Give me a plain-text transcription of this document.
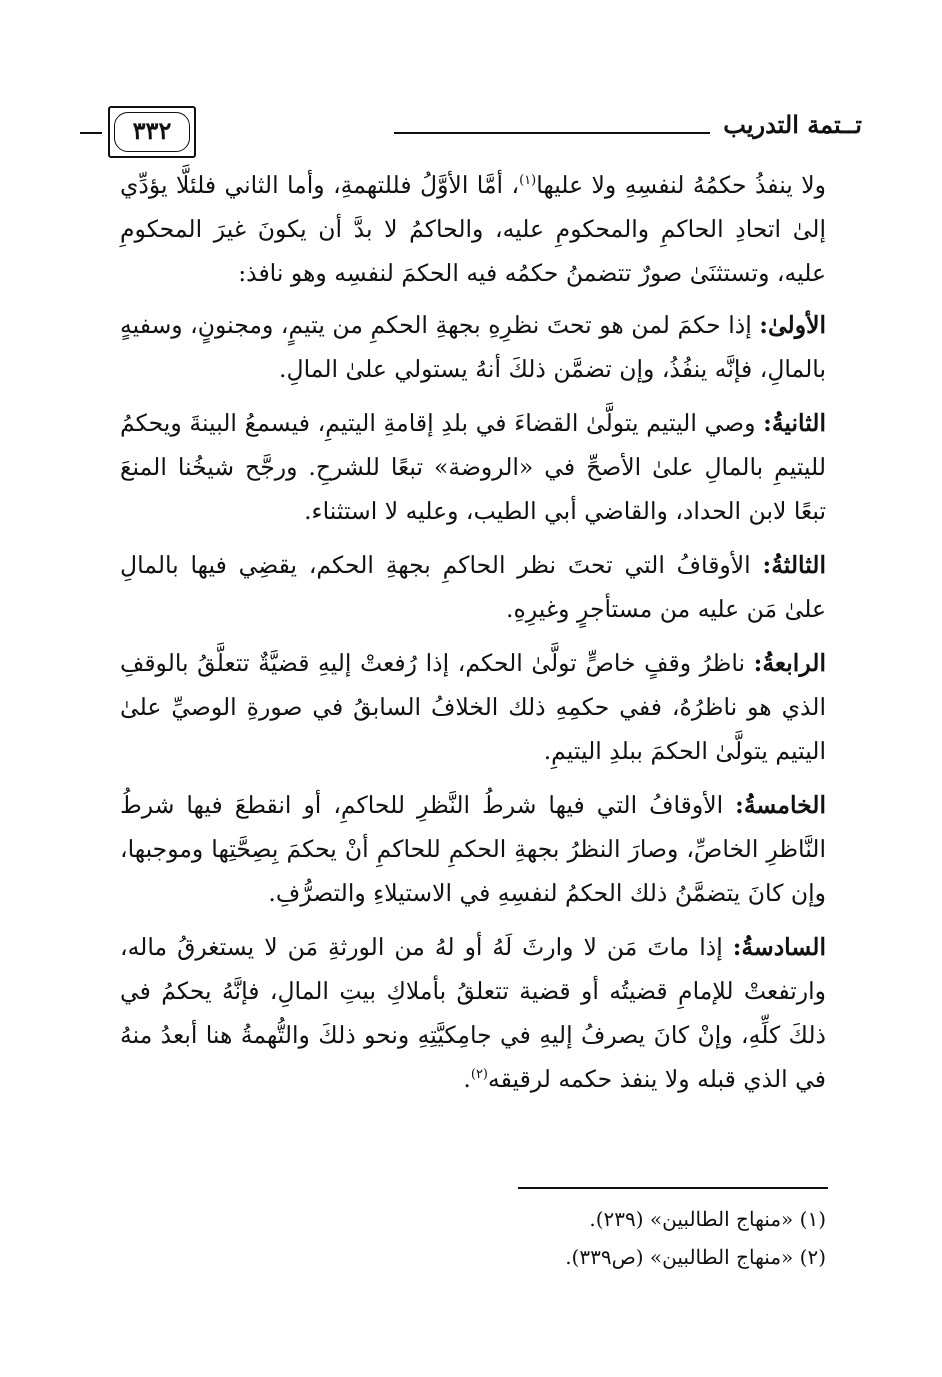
تــتمة التدريب
٣٣٢

ولا ينفذُ حكمُهُ لنفسِهِ ولا عليها$^{(١)}$، أمَّا الأوَّلُ فللتهمةِ، وأما الثاني فلئلَّا يؤدِّي إلىٰ اتحادِ الحاكمِ والمحكومِ عليه، والحاكمُ لا بدَّ أن يكونَ غيرَ المحكومِ عليه، وتستثنَىٰ صورٌ تتضمنُ حكمُه فيه الحكمَ لنفسِه وهو نافذ:

الأولىٰ: إذا حكمَ لمن هو تحتَ نظرِهِ بجهةِ الحكمِ من يتيمٍ، ومجنونٍ، وسفيهٍ بالمالِ، فإنَّه ينفُذُ، وإن تضمَّن ذلكَ أنهُ يستولي علىٰ المالِ.

الثانيةُ: وصي اليتيم يتولَّىٰ القضاءَ في بلدِ إقامةِ اليتيمِ، فيسمعُ البينةَ ويحكمُ لليتيمِ بالمالِ علىٰ الأصحِّ في «الروضة» تبعًا للشرحِ. ورجَّح شيخُنا المنعَ تبعًا لابن الحداد، والقاضي أبي الطيب، وعليه لا استثناء.

الثالثةُ: الأوقافُ التي تحتَ نظر الحاكمِ بجهةِ الحكم، يقضِي فيها بالمالِ علىٰ مَن عليه من مستأجرٍ وغيرِهِ.

الرابعةُ: ناظرُ وقفٍ خاصٍّ تولَّىٰ الحكم، إذا رُفعتْ إليهِ قضيَّةٌ تتعلَّقُ بالوقفِ الذي هو ناظرُهُ، ففي حكمِهِ ذلك الخلافُ السابقُ في صورةِ الوصيِّ علىٰ اليتيم يتولَّىٰ الحكمَ ببلدِ اليتيمِ.

الخامسةُ: الأوقافُ التي فيها شرطُ النَّظرِ للحاكمِ، أو انقطعَ فيها شرطُ النَّاظرِ الخاصِّ، وصارَ النظرُ بجهةِ الحكمِ للحاكمِ أنْ يحكمَ بِصِحَّتِها وموجبها، وإن كانَ يتضمَّنُ ذلك الحكمُ لنفسِهِ في الاستيلاءِ والتصرُّفِ.

السادسةُ: إذا ماتَ مَن لا وارثَ لَهُ أو لهُ من الورثةِ مَن لا يستغرقُ ماله، وارتفعتْ للإمامِ قضيتُه أو قضية تتعلقُ بأملاكِ بيتِ المالِ، فإنَّهُ يحكمُ في ذلكَ كلِّهِ، وإنْ كانَ يصرفُ إليهِ في جامِكيَّتِهِ ونحو ذلكَ والتُّهمةُ هنا أبعدُ منهُ في الذي قبله ولا ينفذ حكمه لرقيقه$^{(٢)}$.

(١) «منهاج الطالبين» (٢٣٩).
(٢) «منهاج الطالبين» (ص٣٣٩).
